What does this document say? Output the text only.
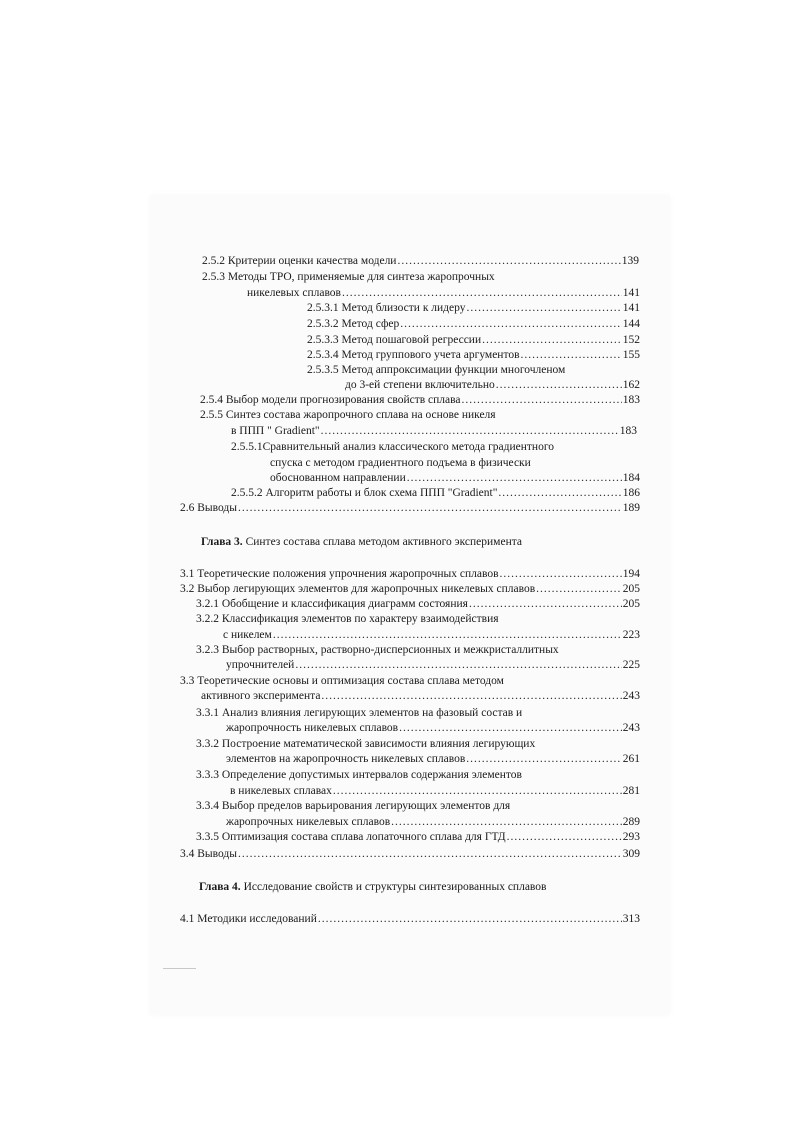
2.5.2 Критерии оценки качества модели .....	139
2.5.3 Методы ТРО, применяемые для синтеза жаропрочных
никелевых сплавов .....	141
2.5.3.1 Метод близости к лидеру .....	141
2.5.3.2 Метод сфер .....	144
2.5.3.3 Метод пошаговой регрессии .....	152
2.5.3.4 Метод группового учета аргументов .....	155
2.5.3.5 Метод аппроксимации функции многочленом
до 3-ей степени включительно .....	162
2.5.4 Выбор модели прогнозирования свойств сплава .....	183
2.5.5 Синтез состава жаропрочного сплава на основе никеля
в ППП " Gradient" .....	183
2.5.5.1Сравнительный анализ классического метода градиентного
спуска с методом градиентного подъема в физически
обоснованном направлении .....	184
2.5.5.2 Алгоритм работы и блок схема ППП "Gradient" .....	186
2.6 Выводы .....	189
Глава 3. Синтез состава сплава методом активного эксперимента
3.1 Теоретические положения упрочнения жаропрочных сплавов .....	194
3.2 Выбор легирующих элементов для жаропрочных никелевых сплавов .....	205
3.2.1 Обобщение и классификация диаграмм состояния .....	205
3.2.2 Классификация элементов по характеру взаимодействия
с никелем .....	223
3.2.3 Выбор растворных, растворно-дисперсионных и межкристаллитных
упрочнителей .....	225
3.3 Теоретические основы и оптимизация состава сплава методом
активного эксперимента .....	243
3.3.1 Анализ влияния легирующих элементов на фазовый состав и
жаропрочность никелевых сплавов .....	243
3.3.2 Построение математической зависимости влияния легирующих
элементов на жаропрочность никелевых сплавов .....	261
3.3.3 Определение допустимых интервалов содержания элементов
в никелевых сплавах .....	281
3.3.4 Выбор пределов варьирования легирующих элементов для
жаропрочных никелевых сплавов .....	289
3.3.5 Оптимизация состава сплава лопаточного сплава для ГТД .....	293
3.4 Выводы .....	309
Глава 4. Исследование свойств и структуры синтезированных сплавов
4.1 Методики исследований .....	313
